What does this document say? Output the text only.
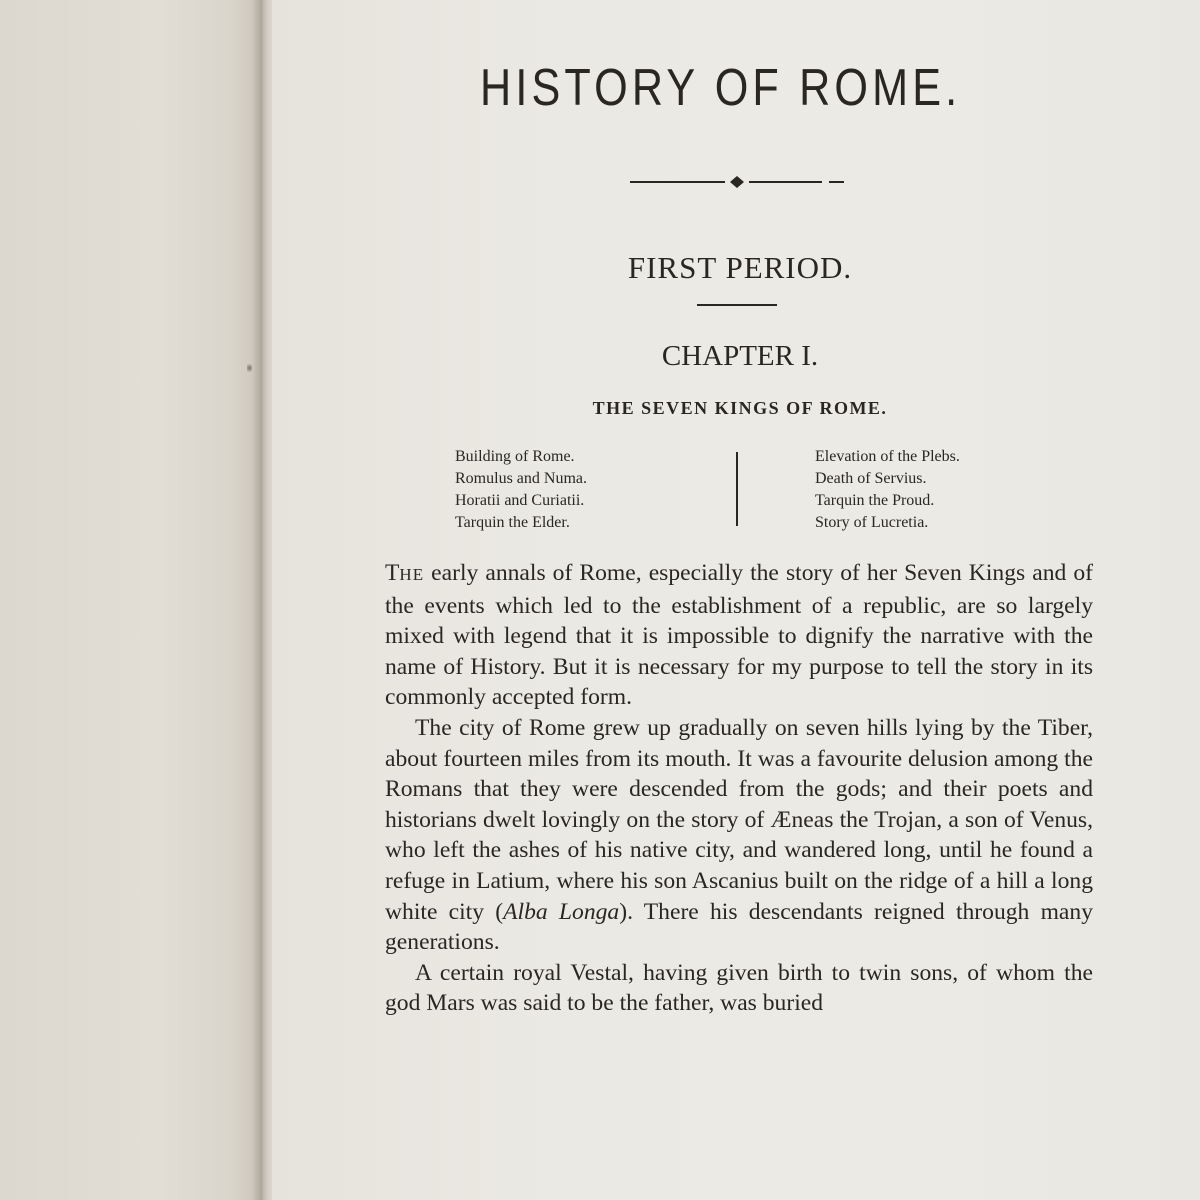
HISTORY OF ROME.
FIRST PERIOD.
CHAPTER I.
THE SEVEN KINGS OF ROME.
Building of Rome.
Romulus and Numa.
Horatii and Curiatii.
Tarquin the Elder.
Elevation of the Plebs.
Death of Servius.
Tarquin the Proud.
Story of Lucretia.

THE early annals of Rome, especially the story of her Seven Kings and of the events which led to the establishment of a republic, are so largely mixed with legend that it is impossible to dignify the narrative with the name of History. But it is necessary for my purpose to tell the story in its commonly accepted form.

The city of Rome grew up gradually on seven hills lying by the Tiber, about fourteen miles from its mouth. It was a favourite delusion among the Romans that they were descended from the gods; and their poets and historians dwelt lovingly on the story of Æneas the Trojan, a son of Venus, who left the ashes of his native city, and wandered long, until he found a refuge in Latium, where his son Ascanius built on the ridge of a hill a long white city (Alba Longa). There his descendants reigned through many generations.

A certain royal Vestal, having given birth to twin sons, of whom the god Mars was said to be the father, was buried
